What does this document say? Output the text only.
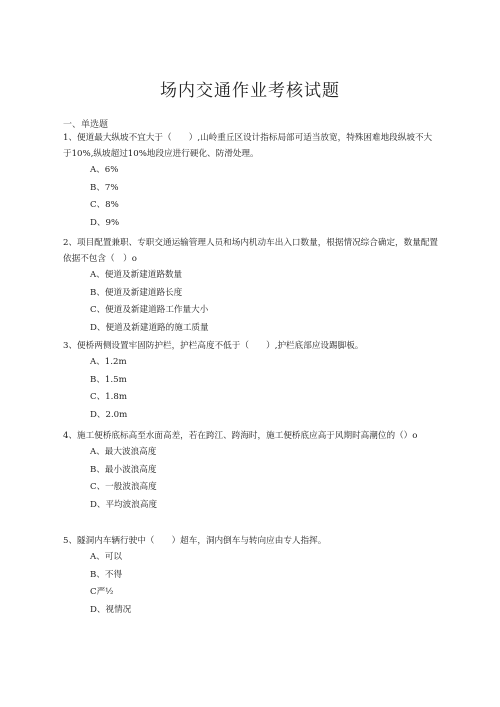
场内交通作业考核试题
一、单选题

1、便道最大纵坡不宜大于（　　）,山岭重丘区设计指标局部可适当放宽，特殊困难地段纵坡不大于10%,纵坡超过10%地段应进行硬化、防滑处理。

A、6%

B、7%

C、8%

D、9%

2、项目配置兼职、专职交通运输管理人员和场内机动车出入口数量，根据情况综合确定，数量配置依据不包含（　）o

A、便道及新建道路数量

B、便道及新建道路长度

C、便道及新建道路工作量大小

D、便道及新建道路的施工质量

3、便桥两侧设置牢固防护栏，护栏高度不低于（　　）,护栏底部应设踢脚板。

A、1.2m

B、1.5m

C、1.8m

D、2.0m

4、施工便桥底标高至水面高差，若在跨江、跨海时，施工便桥底应高于风期时高潮位的（）o

A、最大波浪高度

B、最小波浪高度

C、一般波浪高度

D、平均波浪高度

5、隧洞内车辆行驶中（　　）超车，洞内倒车与转向应由专人指挥。

A、可以

B、不得

C严½

D、视情况
